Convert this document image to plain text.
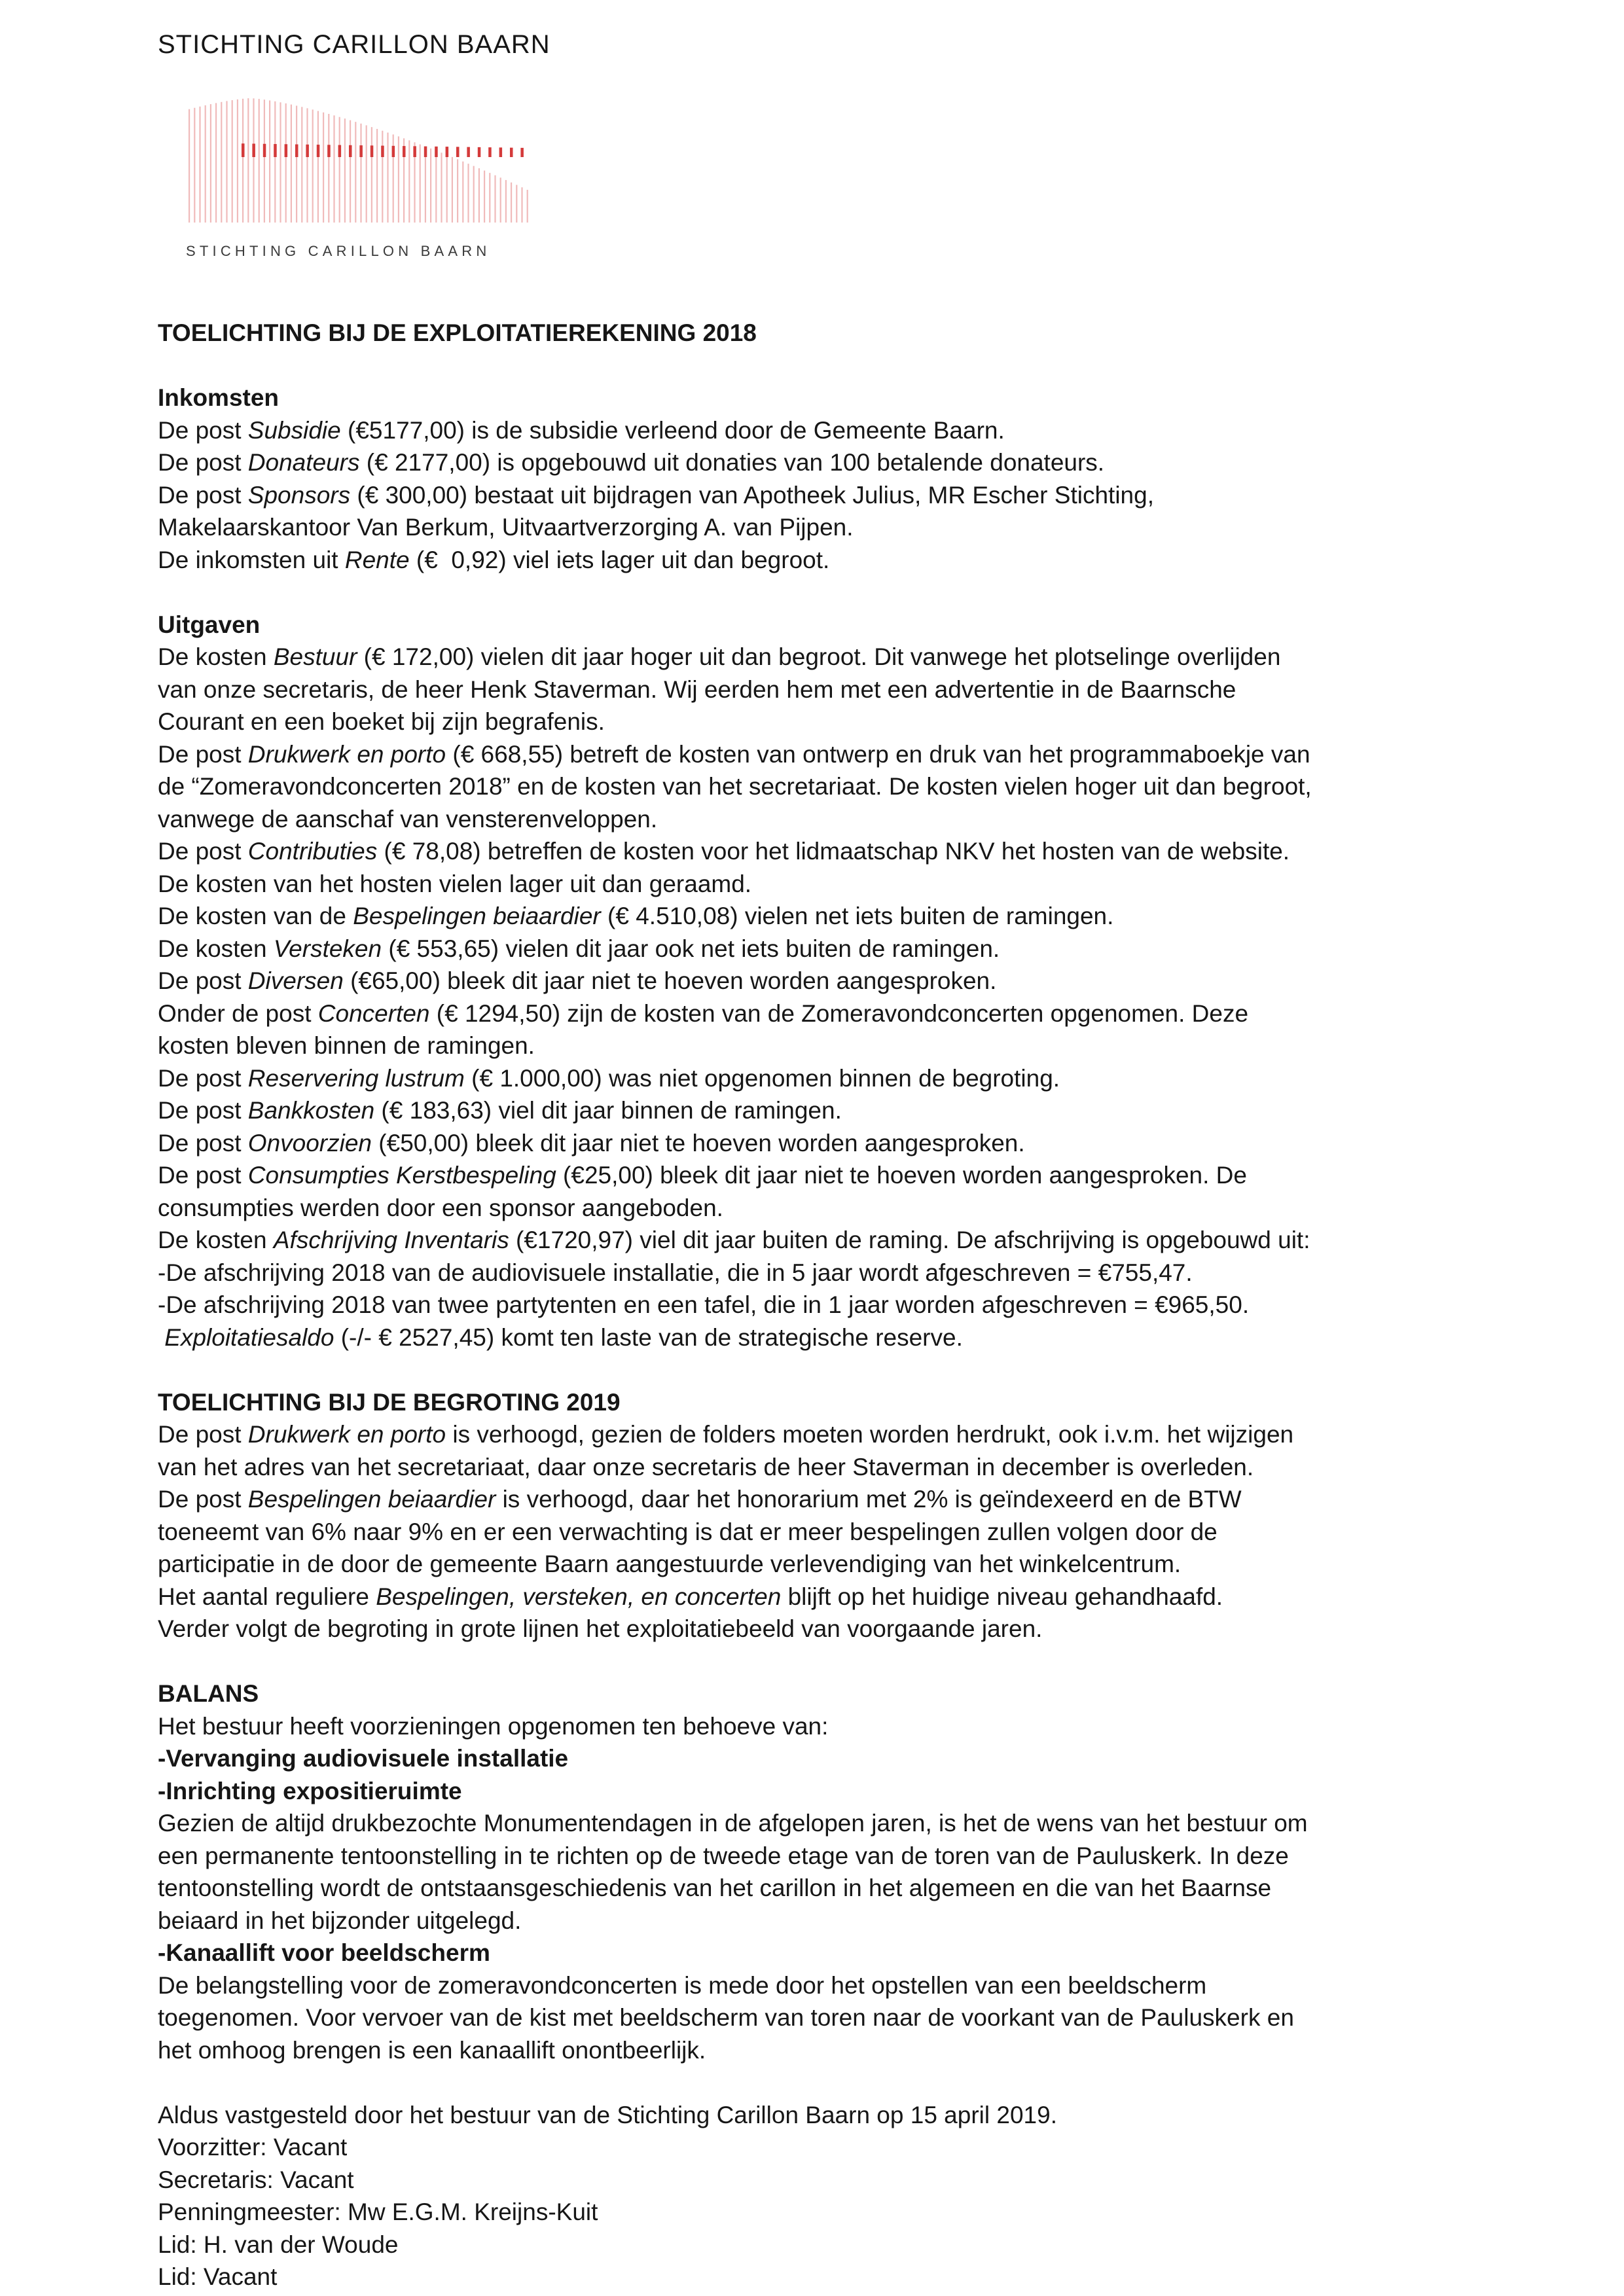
STICHTING CARILLON BAARN
STICHTING CARILLON BAARN

TOELICHTING BIJ DE EXPLOITATIEREKENING 2018

Inkomsten

De post Subsidie (€5177,00) is de subsidie verleend door de Gemeente Baarn.

De post Donateurs (€ 2177,00) is opgebouwd uit donaties van 100 betalende donateurs.

De post Sponsors (€ 300,00) bestaat uit bijdragen van Apotheek Julius, MR Escher Stichting,
Makelaarskantoor Van Berkum, Uitvaartverzorging A. van Pijpen.

De inkomsten uit Rente (€  0,92) viel iets lager uit dan begroot.

Uitgaven

De kosten Bestuur (€ 172,00) vielen dit jaar hoger uit dan begroot. Dit vanwege het plotselinge overlijden
van onze secretaris, de heer Henk Staverman. Wij eerden hem met een advertentie in de Baarnsche
Courant en een boeket bij zijn begrafenis.

De post Drukwerk en porto (€ 668,55) betreft de kosten van ontwerp en druk van het programmaboekje van
de “Zomeravondconcerten 2018” en de kosten van het secretariaat. De kosten vielen hoger uit dan begroot,
vanwege de aanschaf van vensterenveloppen.

De post Contributies (€ 78,08) betreffen de kosten voor het lidmaatschap NKV het hosten van de website.
De kosten van het hosten vielen lager uit dan geraamd.

De kosten van de Bespelingen beiaardier (€ 4.510,08) vielen net iets buiten de ramingen.

De kosten Versteken (€ 553,65) vielen dit jaar ook net iets buiten de ramingen.

De post Diversen (€65,00) bleek dit jaar niet te hoeven worden aangesproken.

Onder de post Concerten (€ 1294,50) zijn de kosten van de Zomeravondconcerten opgenomen. Deze
kosten bleven binnen de ramingen.

De post Reservering lustrum (€ 1.000,00) was niet opgenomen binnen de begroting.

De post Bankkosten (€ 183,63) viel dit jaar binnen de ramingen.

De post Onvoorzien (€50,00) bleek dit jaar niet te hoeven worden aangesproken.

De post Consumpties Kerstbespeling (€25,00) bleek dit jaar niet te hoeven worden aangesproken. De
consumpties werden door een sponsor aangeboden.

De kosten Afschrijving Inventaris (€1720,97) viel dit jaar buiten de raming. De afschrijving is opgebouwd uit:
-De afschrijving 2018 van de audiovisuele installatie, die in 5 jaar wordt afgeschreven = €755,47.
-De afschrijving 2018 van twee partytenten en een tafel, die in 1 jaar worden afgeschreven = €965,50.

Exploitatiesaldo (-/- € 2527,45) komt ten laste van de strategische reserve.

TOELICHTING BIJ DE BEGROTING 2019

De post Drukwerk en porto is verhoogd, gezien de folders moeten worden herdrukt, ook i.v.m. het wijzigen
van het adres van het secretariaat, daar onze secretaris de heer Staverman in december is overleden.

De post Bespelingen beiaardier is verhoogd, daar het honorarium met 2% is geïndexeerd en de BTW
toeneemt van 6% naar 9% en er een verwachting is dat er meer bespelingen zullen volgen door de
participatie in de door de gemeente Baarn aangestuurde verlevendiging van het winkelcentrum.

Het aantal reguliere Bespelingen, versteken, en concerten blijft op het huidige niveau gehandhaafd.

Verder volgt de begroting in grote lijnen het exploitatiebeeld van voorgaande jaren.

BALANS

Het bestuur heeft voorzieningen opgenomen ten behoeve van:

-Vervanging audiovisuele installatie

-Inrichting expositieruimte

Gezien de altijd drukbezochte Monumentendagen in de afgelopen jaren, is het de wens van het bestuur om
een permanente tentoonstelling in te richten op de tweede etage van de toren van de Pauluskerk. In deze
tentoonstelling wordt de ontstaansgeschiedenis van het carillon in het algemeen en die van het Baarnse
beiaard in het bijzonder uitgelegd.

-Kanaallift voor beeldscherm

De belangstelling voor de zomeravondconcerten is mede door het opstellen van een beeldscherm
toegenomen. Voor vervoer van de kist met beeldscherm van toren naar de voorkant van de Pauluskerk en
het omhoog brengen is een kanaallift onontbeerlijk.

Aldus vastgesteld door het bestuur van de Stichting Carillon Baarn op 15 april 2019.

Voorzitter: Vacant

Secretaris: Vacant

Penningmeester: Mw E.G.M. Kreijns-Kuit

Lid: H. van der Woude

Lid: Vacant
